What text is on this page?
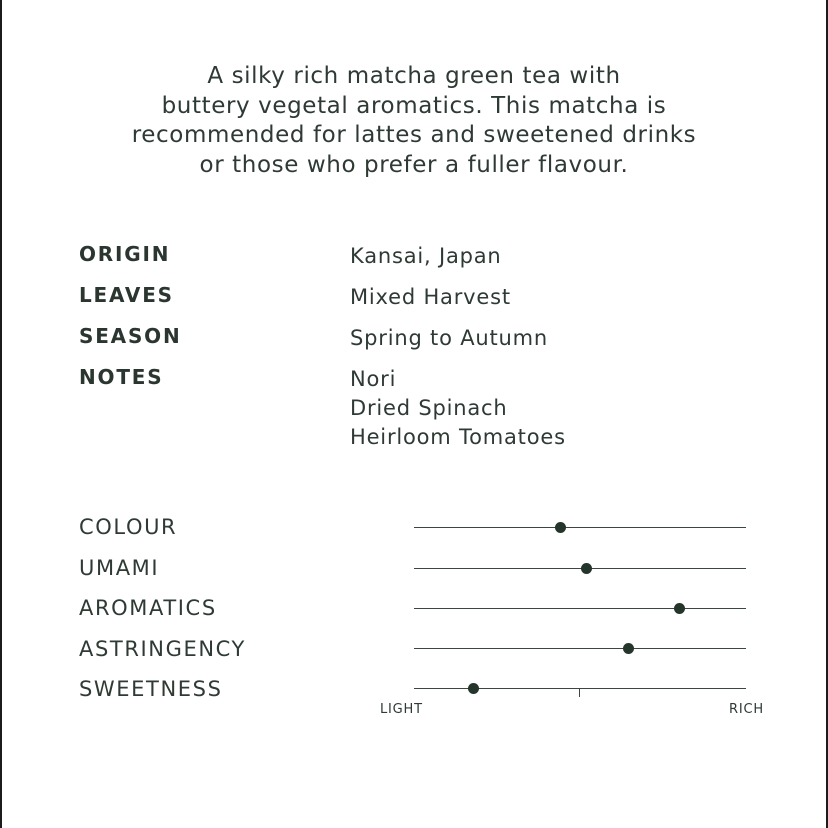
A silky rich matcha green tea with
buttery vegetal aromatics. This matcha is
recommended for lattes and sweetened drinks
or those who prefer a fuller flavour.
ORIGIN	Kansai, Japan
LEAVES	Mixed Harvest
SEASON	Spring to Autumn
NOTES	Nori
Dried Spinach
Heirloom Tomatoes
COLOUR
UMAMI
AROMATICS
ASTRINGENCY
SWEETNESS
LIGHT	RICH
